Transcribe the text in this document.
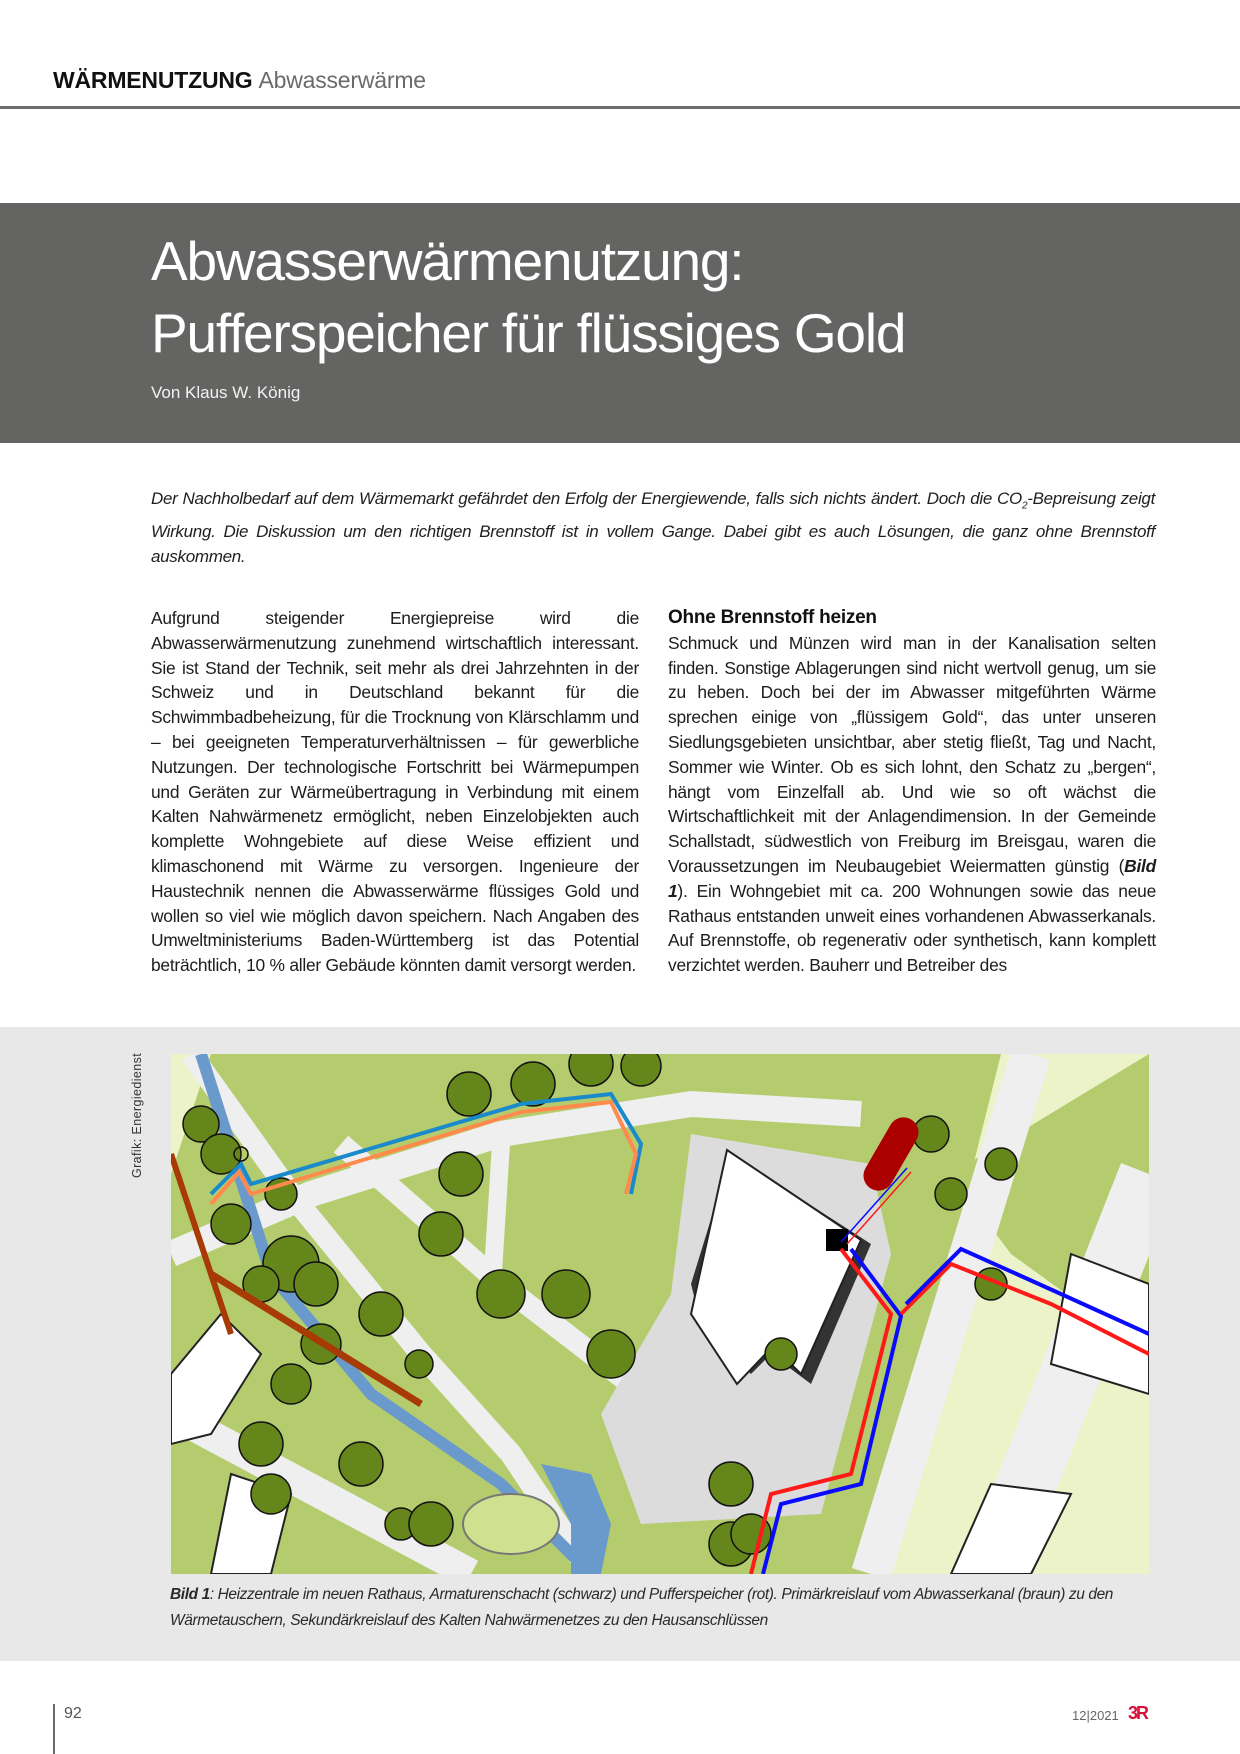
WÄRMENUTZUNG Abwasserwärme
Abwasserwärmenutzung:
Pufferspeicher für flüssiges Gold
Von Klaus W. König
Der Nachholbedarf auf dem Wärmemarkt gefährdet den Erfolg der Energiewende, falls sich nichts ändert. Doch die $CO_2$-Bepreisung zeigt Wirkung. Die Diskussion um den richtigen Brennstoff ist in vollem Gange. Dabei gibt es auch Lösungen, die ganz ohne Brennstoff auskommen.

Aufgrund steigender Energiepreise wird die Abwasserwärmenutzung zunehmend wirtschaftlich interessant. Sie ist Stand der Technik, seit mehr als drei Jahrzehnten in der Schweiz und in Deutschland bekannt für die Schwimmbadbeheizung, für die Trocknung von Klärschlamm und – bei geeigneten Temperaturverhältnissen – für gewerbliche Nutzungen. Der technologische Fortschritt bei Wärmepumpen und Geräten zur Wärmeübertragung in Verbindung mit einem Kalten Nahwärmenetz ermöglicht, neben Einzelobjekten auch komplette Wohngebiete auf diese Weise effizient und klimaschonend mit Wärme zu versorgen. Ingenieure der Haustechnik nennen die Abwasserwärme flüssiges Gold und wollen so viel wie möglich davon speichern. Nach Angaben des Umweltministeriums Baden-Württemberg ist das Potential beträchtlich, 10 % aller Gebäude könnten damit versorgt werden.

Ohne Brennstoff heizen

Schmuck und Münzen wird man in der Kanalisation selten finden. Sonstige Ablagerungen sind nicht wertvoll genug, um sie zu heben. Doch bei der im Abwasser mitgeführten Wärme sprechen einige von „flüssigem Gold“, das unter unseren Siedlungsgebieten unsichtbar, aber stetig fließt, Tag und Nacht, Sommer wie Winter. Ob es sich lohnt, den Schatz zu „bergen“, hängt vom Einzelfall ab. Und wie so oft wächst die Wirtschaftlichkeit mit der Anlagendimension. In der Gemeinde Schallstadt, südwestlich von Freiburg im Breisgau, waren die Voraussetzungen im Neubaugebiet Weiermatten günstig (Bild 1). Ein Wohngebiet mit ca. 200 Wohnungen sowie das neue Rathaus entstanden unweit eines vorhandenen Abwasserkanals. Auf Brennstoffe, ob regenerativ oder synthetisch, kann komplett verzichtet werden. Bauherr und Betreiber des

Grafik: Energiedienst
Bild 1: Heizzentrale im neuen Rathaus, Armaturenschacht (schwarz) und Pufferspeicher (rot). Primärkreislauf vom Abwasserkanal (braun) zu den Wärmetauschern, Sekundärkreislauf des Kalten Nahwärmenetzes zu den Hausanschlüssen
92	12|2021 3R
